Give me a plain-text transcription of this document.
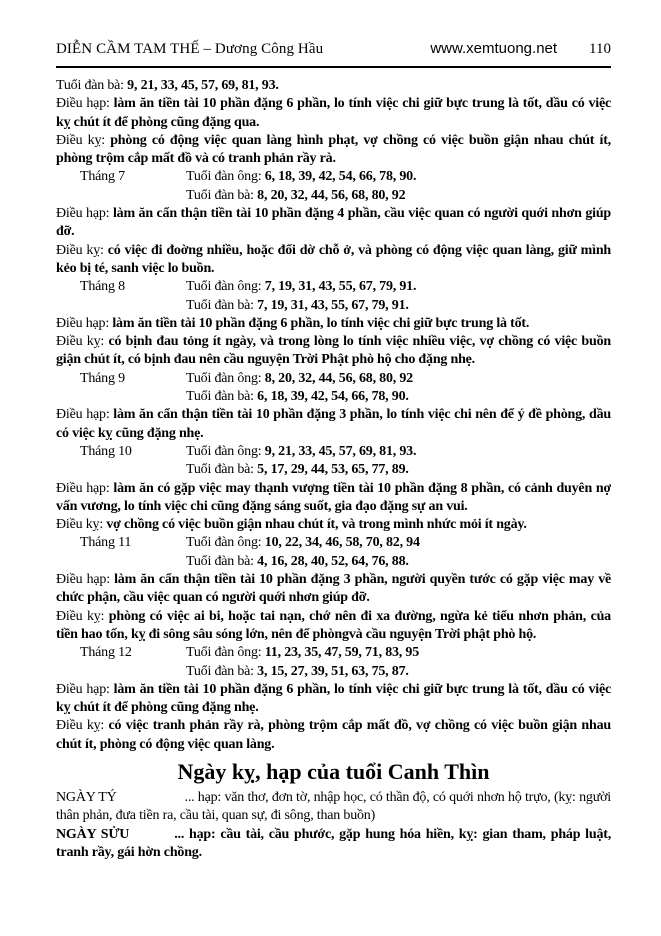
DIỄN CẦM TAM THẾ – Dương Công Hầu	www.xemtuong.net 110
Tuổi đàn bà: 9, 21, 33, 45, 57, 69, 81, 93.
Điều hạp: làm ăn tiền tài 10 phần đặng 6 phần, lo tính việc chi giữ bực trung là tốt, dầu có việc kỵ chút ít để phòng cũng đặng qua.
Điều kỵ: phòng có động việc quan làng hình phạt, vợ chồng có việc buồn giận nhau chút ít, phòng trộm cắp mất đồ và có tranh phản rầy rà.
Tháng 7	Tuổi đàn ông: 6, 18, 39, 42, 54, 66, 78, 90.
Tuổi đàn bà: 8, 20, 32, 44, 56, 68, 80, 92
Điều hạp: làm ăn cẩn thận tiền tài 10 phần đặng 4 phần, cầu việc quan có người quới nhơn giúp đỡ.
Điều kỵ: có việc đi đoờng nhiều, hoặc đổi dờ chỗ ở, và phòng có động việc quan làng, giữ mình kẻo bị té, sanh việc lo buồn.
Tháng 8	Tuổi đàn ông: 7, 19, 31, 43, 55, 67, 79, 91.
Tuổi đàn bà: 7, 19, 31, 43, 55, 67, 79, 91.
Điều hạp: làm ăn tiền tài 10 phần đặng 6 phần, lo tính việc chi giữ bực trung là tốt.
Điều kỵ: có bịnh đau tỏng ít ngày, và trong lòng lo tính việc nhiều việc, vợ chồng có việc buồn giận chút ít, có bịnh đau nên cầu nguyện Trời Phật phò hộ cho đặng nhẹ.
Tháng 9	Tuổi đàn ông: 8, 20, 32, 44, 56, 68, 80, 92
Tuổi đàn bà: 6, 18, 39, 42, 54, 66, 78, 90.
Điều hạp: làm ăn cẩn thận tiền tài 10 phần đặng 3 phần, lo tính việc chi nên để ý đề phòng, dầu có việc kỵ cũng đặng nhẹ.
Tháng 10	Tuổi đàn ông: 9, 21, 33, 45, 57, 69, 81, 93.
Tuổi đàn bà: 5, 17, 29, 44, 53, 65, 77, 89.
Điều hạp: làm ăn có gặp việc may thạnh vượng tiền tài 10 phần đặng 8 phần, có cảnh duyên nợ vấn vương, lo tính việc chi cũng đặng sáng suốt, gia đạo đặng sự an vui.
Điều kỵ: vợ chồng có việc buồn giận nhau chút ít, và trong mình nhức mỏi ít ngày.
Tháng 11	Tuổi đàn ông: 10, 22, 34, 46, 58, 70, 82, 94
Tuổi đàn bà: 4, 16, 28, 40, 52, 64, 76, 88.
Điều hạp: làm ăn cẩn thận tiền tài 10 phần đặng 3 phần, người quyền tước có gặp việc may về chức phận, cầu việc quan có người quới nhơn giúp đỡ.
Điều kỵ: phòng có việc ai bi, hoặc tai nạn, chớ nên đi xa đường, ngừa kẻ tiểu nhơn phản, của tiền hao tốn, kỵ đi sông sâu sóng lớn, nên để phòngvà cầu nguyện Trời phật phò hộ.
Tháng 12	Tuổi đàn ông: 11, 23, 35, 47, 59, 71, 83, 95
Tuổi đàn bà: 3, 15, 27, 39, 51, 63, 75, 87.
Điều hạp: làm ăn tiền tài 10 phần đặng 6 phần, lo tính việc chi giữ bực trung là tốt, dầu có việc kỵ chút ít để phòng cũng đặng nhẹ.
Điều kỵ: có việc tranh phản rầy rà, phòng trộm cắp mất đồ, vợ chồng có việc buồn giận nhau chút ít, phòng có động việc quan làng.
Ngày kỵ, hạp của tuổi Canh Thìn
NGÀY TÝ	... hạp: văn thơ, đơn tờ, nhập học, có thần độ, có quới nhơn hộ trựo, (kỵ: người thân phản, đưa tiền ra, cầu tài, quan sự, đi sông, than buồn)
NGÀY SỬU	... hạp: cầu tài, cầu phước, gặp hung hóa hiền, kỵ: gian tham, pháp luật, tranh rầy, gái hờn chồng.
